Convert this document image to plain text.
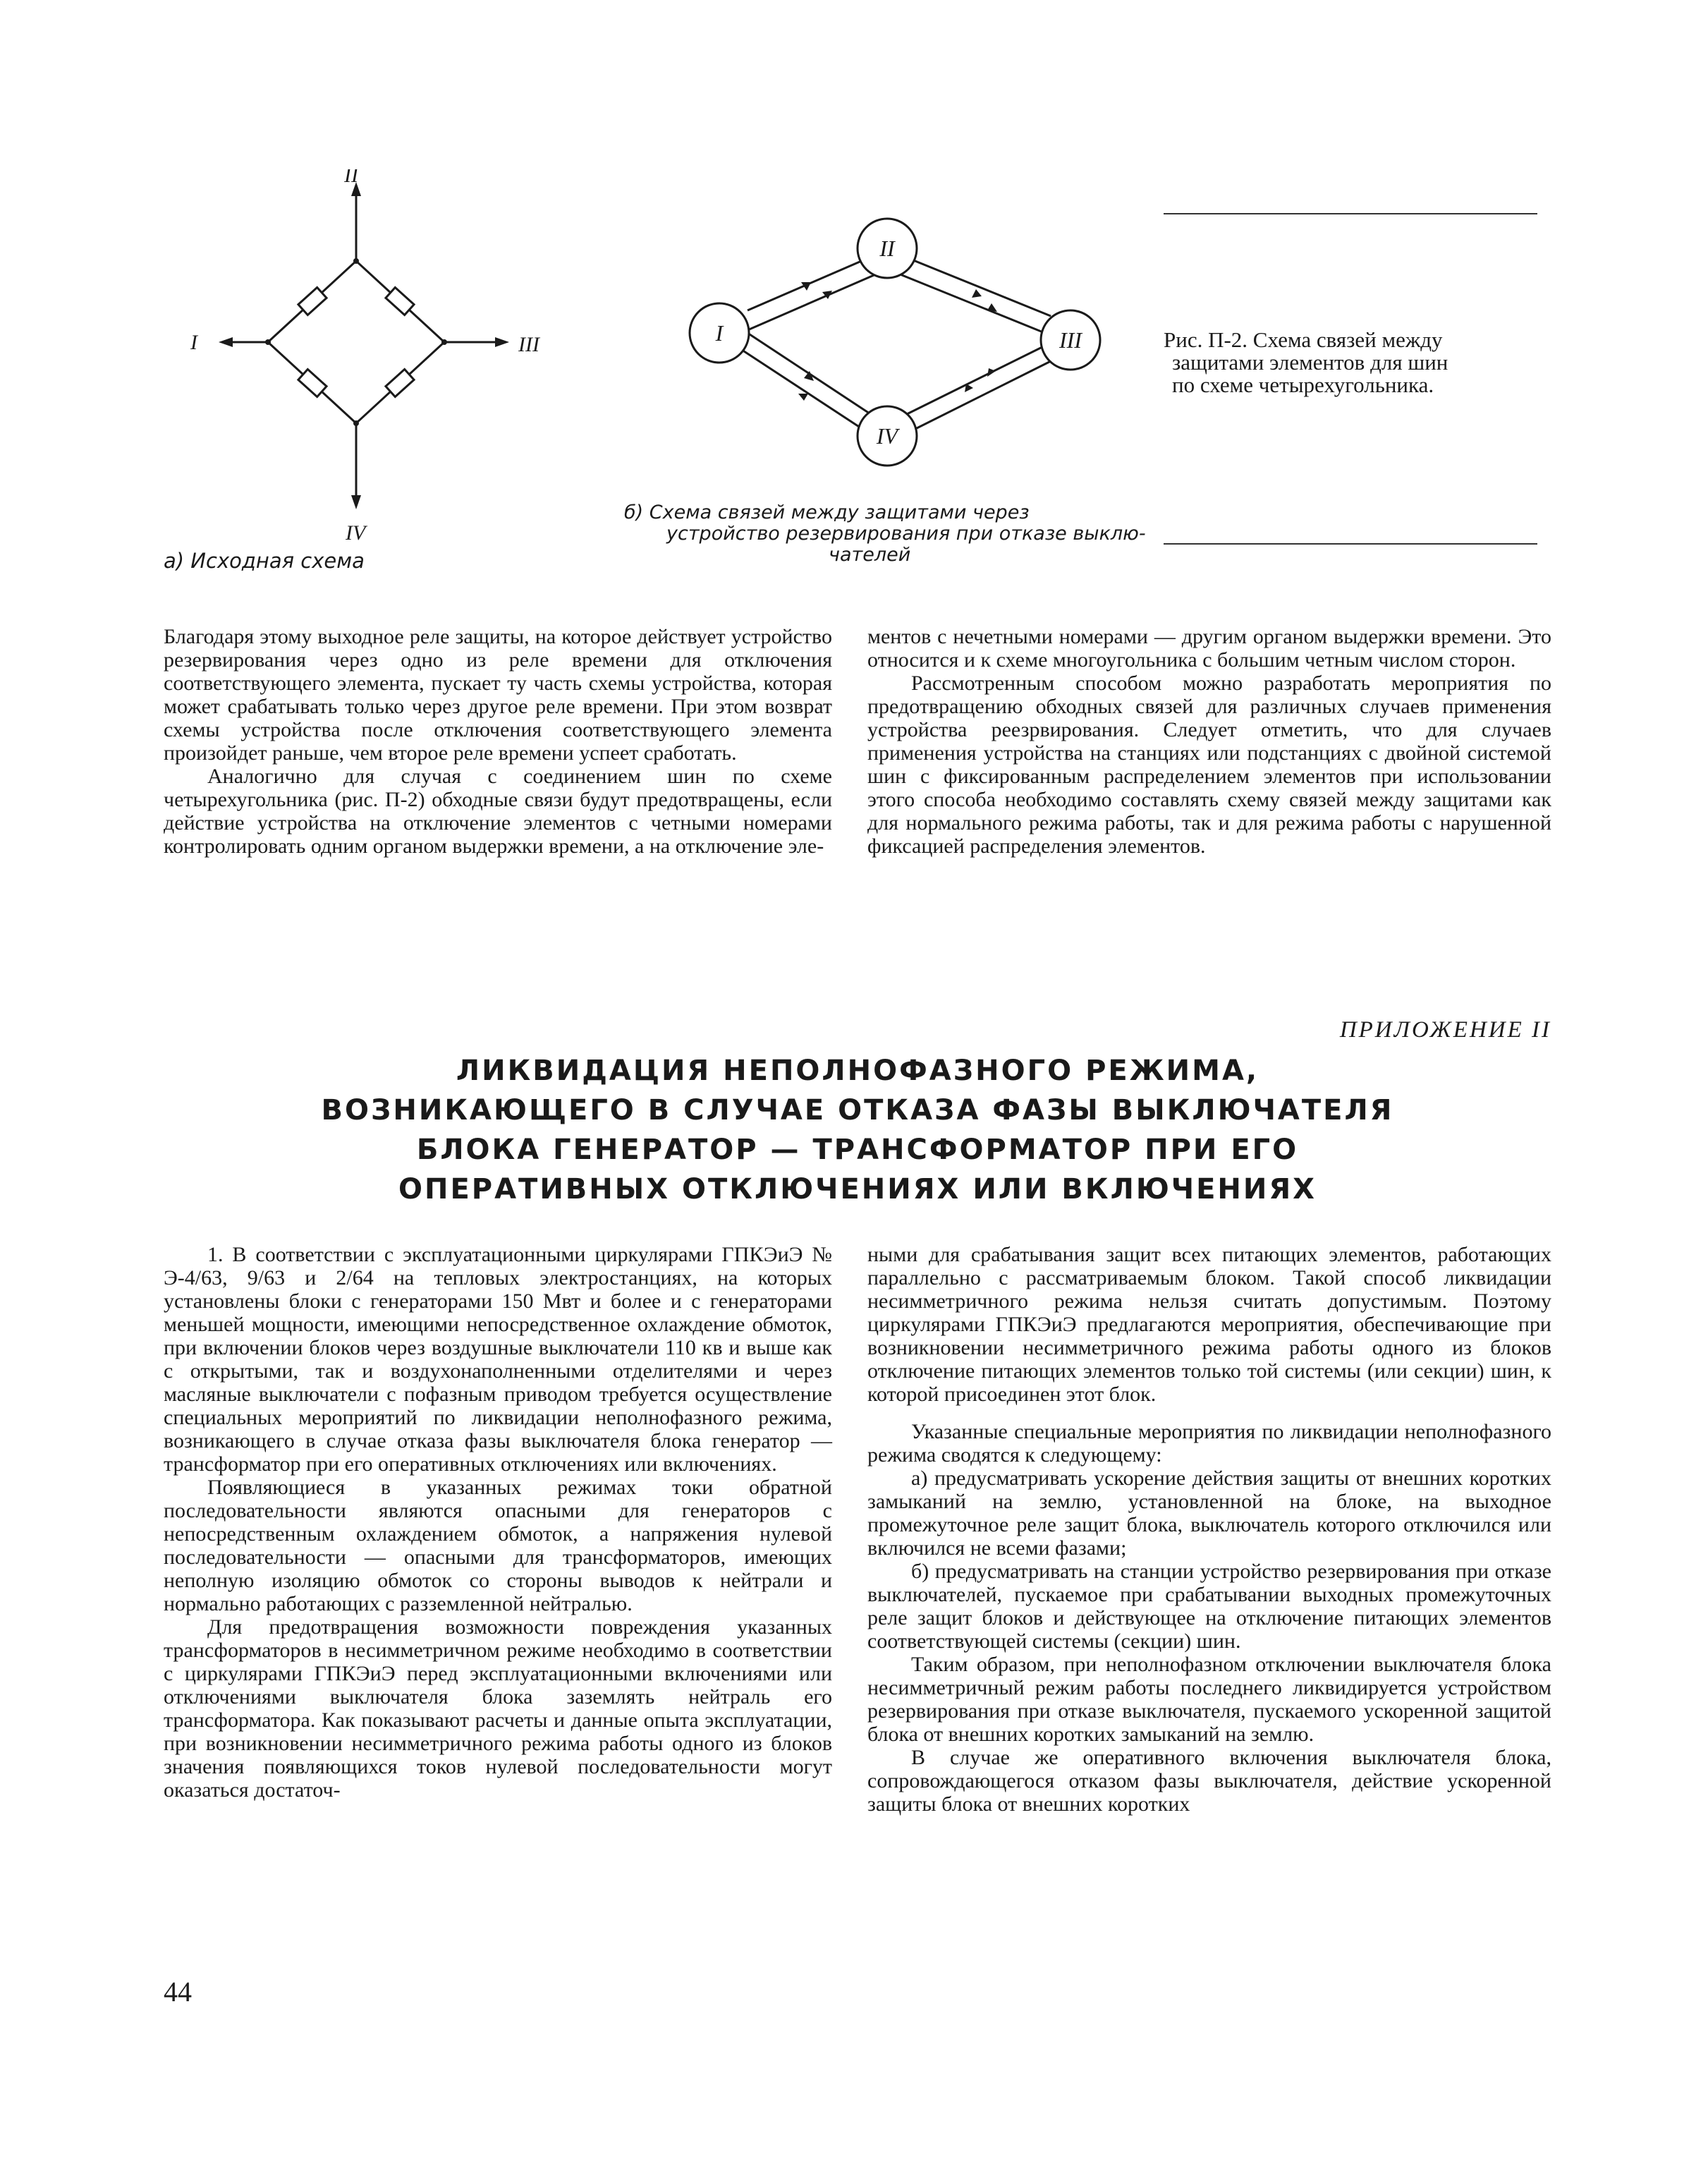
II
I	III
IV
а) Исходная схема
II
I	III
IV
б) Схема связей между защитами через
устройство резервирования при отказе выклю-
чателей
Рис. П-2. Схема связей между
защитами элементов для шин
по схеме четырехугольника.

Благодаря этому выходное реле защиты, на которое действует устройство резервирования через одно из реле времени для отключения соответствующего элемента, пускает ту часть схемы устройства, которая может срабатывать только через другое реле времени. При этом возврат схемы устройства после отключения соответствующего элемента произойдет раньше, чем второе реле времени успеет сработать.

Аналогично для случая с соединением шин по схеме четырехугольника (рис. П-2) обходные связи будут предотвращены, если действие устройства на отключение элементов с четными номерами контролировать одним органом выдержки времени, а на отключение эле-

ментов с нечетными номерами — другим органом выдержки времени. Это относится и к схеме многоугольника с большим четным числом сторон.

Рассмотренным способом можно разработать мероприятия по предотвращению обходных связей для различных случаев применения устройства реезрвирования. Следует отметить, что для случаев применения устройства на станциях или подстанциях с двойной системой шин с фиксированным распределением элементов при использовании этого способа необходимо составлять схему связей между защитами как для нормального режима работы, так и для режима работы с нарушенной фиксацией распределения элементов.

ПРИЛОЖЕНИЕ II
ЛИКВИДАЦИЯ НЕПОЛНОФАЗНОГО РЕЖИМА,
ВОЗНИКАЮЩЕГО В СЛУЧАЕ ОТКАЗА ФАЗЫ ВЫКЛЮЧАТЕЛЯ
БЛОКА ГЕНЕРАТОР — ТРАНСФОРМАТОР ПРИ ЕГО
ОПЕРАТИВНЫХ ОТКЛЮЧЕНИЯХ ИЛИ ВКЛЮЧЕНИЯХ

1. В соответствии с эксплуатационными циркулярами ГПКЭиЭ № Э-4/63, 9/63 и 2/64 на тепловых электростанциях, на которых установлены блоки с генераторами 150 Мвт и более и с генераторами меньшей мощности, имеющими непосредственное охлаждение обмоток, при включении блоков через воздушные выключатели 110 кв и выше как с открытыми, так и воздухонаполненными отделителями и через масляные выключатели с пофазным приводом требуется осуществление специальных мероприятий по ликвидации неполнофазного режима, возникающего в случае отказа фазы выключателя блока генератор — трансформатор при его оперативных отключениях или включениях.

Появляющиеся в указанных режимах токи обратной последовательности являются опасными для генераторов с непосредственным охлаждением обмоток, а напряжения нулевой последовательности — опасными для трансформаторов, имеющих неполную изоляцию обмоток со стороны выводов к нейтрали и нормально работающих с разземленной нейтралью.

Для предотвращения возможности повреждения указанных трансформаторов в несимметричном режиме необходимо в соответствии с циркулярами ГПКЭиЭ перед эксплуатационными включениями или отключениями выключателя блока заземлять нейтраль его трансформатора. Как показывают расчеты и данные опыта эксплуатации, при возникновении несимметричного режима работы одного из блоков значения появляющихся токов нулевой последовательности могут оказаться достаточ-

ными для срабатывания защит всех питающих элементов, работающих параллельно с рассматриваемым блоком. Такой способ ликвидации несимметричного режима нельзя считать допустимым. Поэтому циркулярами ГПКЭиЭ предлагаются мероприятия, обеспечивающие при возникновении несимметричного режима работы одного из блоков отключение питающих элементов только той системы (или секции) шин, к которой присоединен этот блок.

Указанные специальные мероприятия по ликвидации неполнофазного режима сводятся к следующему:

а) предусматривать ускорение действия защиты от внешних коротких замыканий на землю, установленной на блоке, на выходное промежуточное реле защит блока, выключатель которого отключился или включился не всеми фазами;

б) предусматривать на станции устройство резервирования при отказе выключателей, пускаемое при срабатывании выходных промежуточных реле защит блоков и действующее на отключение питающих элементов соответствующей системы (секции) шин.

Таким образом, при неполнофазном отключении выключателя блока несимметричный режим работы последнего ликвидируется устройством резервирования при отказе выключателя, пускаемого ускоренной защитой блока от внешних коротких замыканий на землю.

В случае же оперативного включения выключателя блока, сопровождающегося отказом фазы выключателя, действие ускоренной защиты блока от внешних коротких

44
